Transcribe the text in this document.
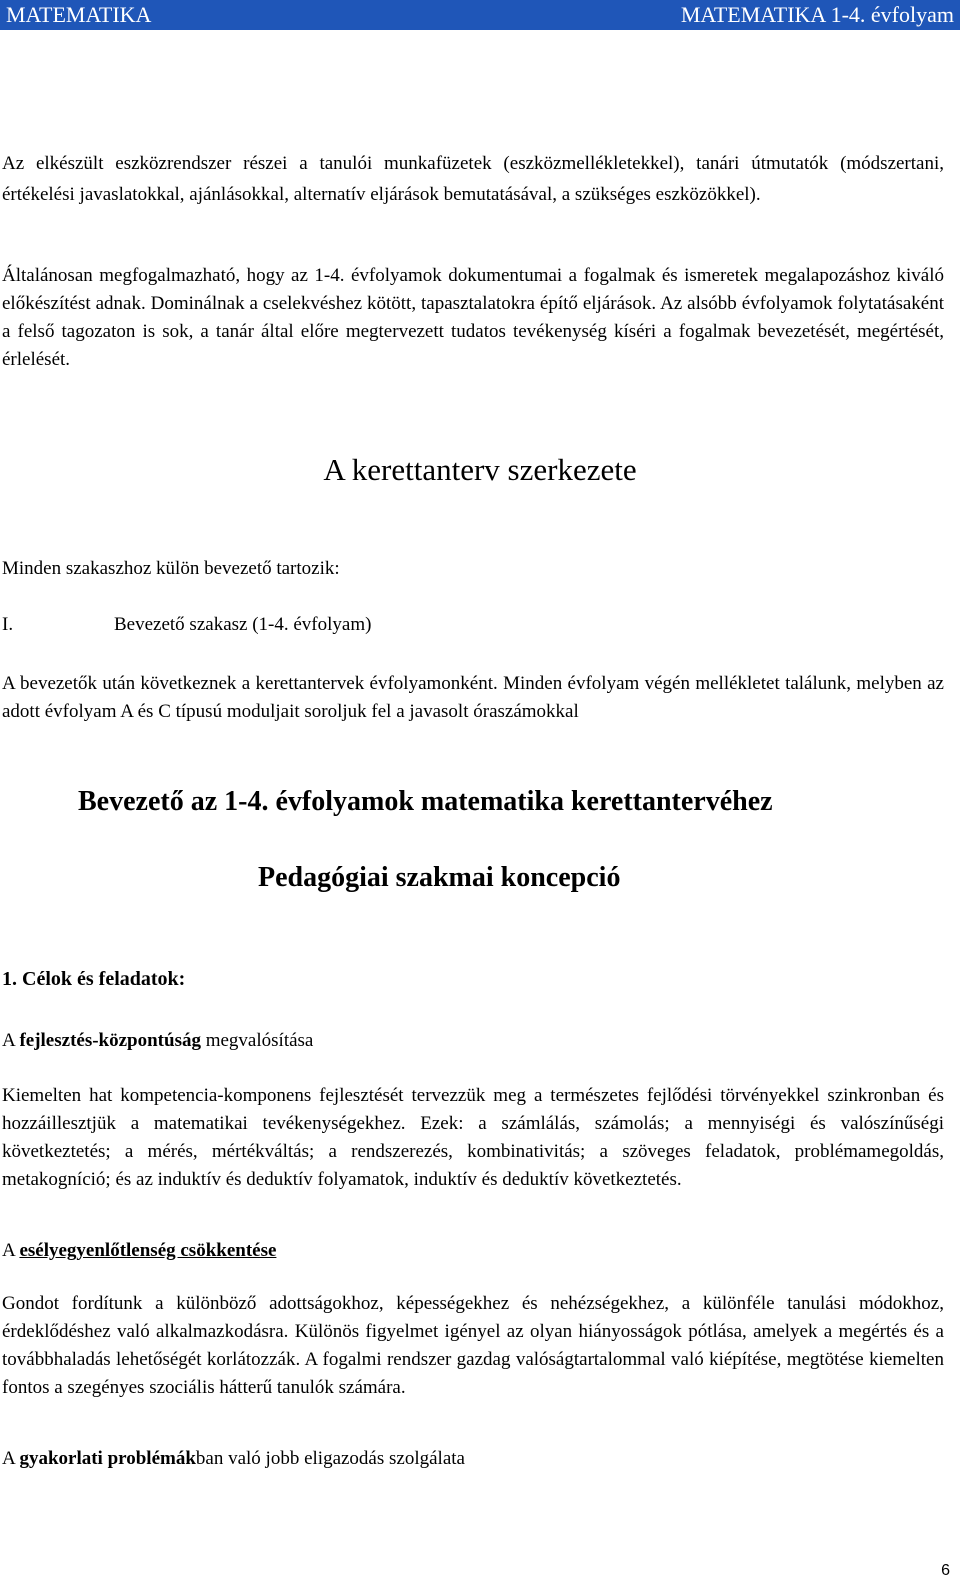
MATEMATIKA	MATEMATIKA 1-4. évfolyam

Az elkészült eszközrendszer részei a tanulói munkafüzetek (eszközmellékletekkel), tanári útmutatók (módszertani, értékelési javaslatokkal, ajánlásokkal, alternatív eljárások bemutatásával, a szükséges eszközökkel).

Általánosan megfogalmazható, hogy az 1-4. évfolyamok dokumentumai a fogalmak és ismeretek megalapozáshoz kiváló előkészítést adnak. Dominálnak a cselekvéshez kötött, tapasztalatokra építő eljárások. Az alsóbb évfolyamok folytatásaként a felső tagozaton is sok, a tanár által előre megtervezett tudatos tevékenység kíséri a fogalmak bevezetését, megértését, érlelését.

A kerettanterv szerkezete

Minden szakaszhoz külön bevezető tartozik:

I.	Bevezető szakasz (1-4. évfolyam)

A bevezetők után következnek a kerettantervek évfolyamonként. Minden évfolyam végén mellékletet találunk, melyben az adott évfolyam A és C típusú moduljait soroljuk fel a javasolt óraszámokkal

Bevezető az 1-4. évfolyamok matematika kerettantervéhez
Pedagógiai szakmai koncepció
1. Célok és feladatok:

A fejlesztés-központúság megvalósítása

Kiemelten hat kompetencia-komponens fejlesztését tervezzük meg a természetes fejlődési törvényekkel szinkronban és hozzáillesztjük a matematikai tevékenységekhez. Ezek: a számlálás, számolás; a mennyiségi és valószínűségi következtetés; a mérés, mértékváltás; a rendszerezés, kombinativitás; a szöveges feladatok, problémamegoldás, metakogníció; és az induktív és deduktív folyamatok, induktív és deduktív következtetés.

A esélyegyenlőtlenség csökkentése

Gondot fordítunk a különböző adottságokhoz, képességekhez és nehézségekhez, a különféle tanulási módokhoz, érdeklődéshez való alkalmazkodásra. Különös figyelmet igényel az olyan hiányosságok pótlása, amelyek a megértés és a továbbhaladás lehetőségét korlátozzák. A fogalmi rendszer gazdag valóságtartalommal való kiépítése, megtötése kiemelten fontos a szegényes szociális hátterű tanulók számára.

A gyakorlati problémákban való jobb eligazodás szolgálata

6
